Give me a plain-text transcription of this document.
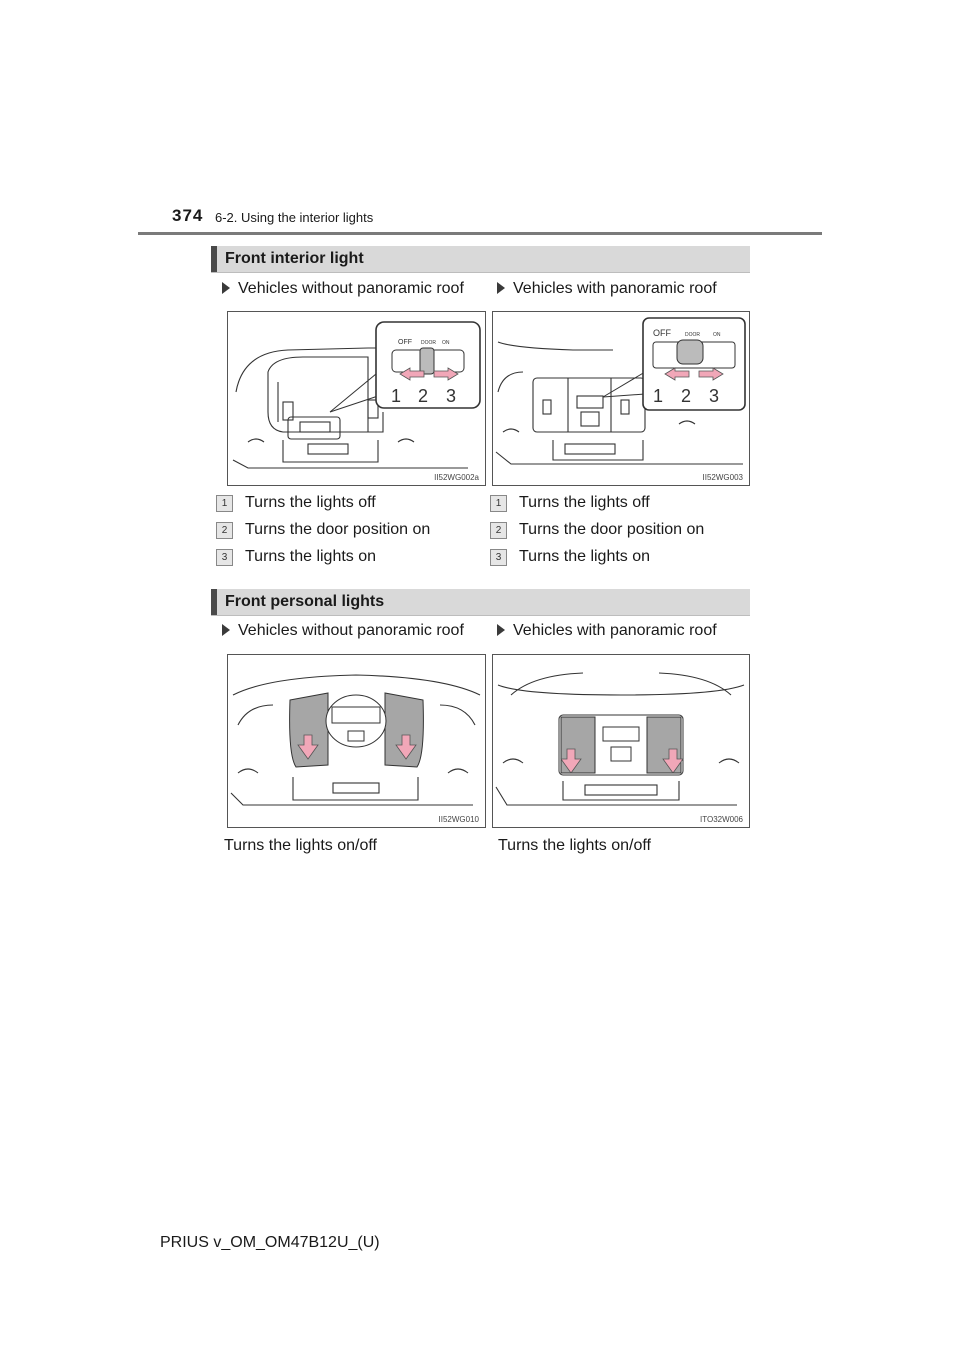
374 6-2. Using the interior lights
Front interior light
Vehicles without panoramic roof	Vehicles with panoramic roof
OFF DOOR ON
1 2 3
II52WG002a
OFF	DOOR	ON
1 2 3
II52WG003
1 Turns the lights off
2 Turns the door position on
3 Turns the lights on
1 Turns the lights off
2 Turns the door position on
3 Turns the lights on
Front personal lights
Vehicles without panoramic roof	Vehicles with panoramic roof
II52WG010	ITO32W006
Turns the lights on/off	Turns the lights on/off
PRIUS v_OM_OM47B12U_(U)
